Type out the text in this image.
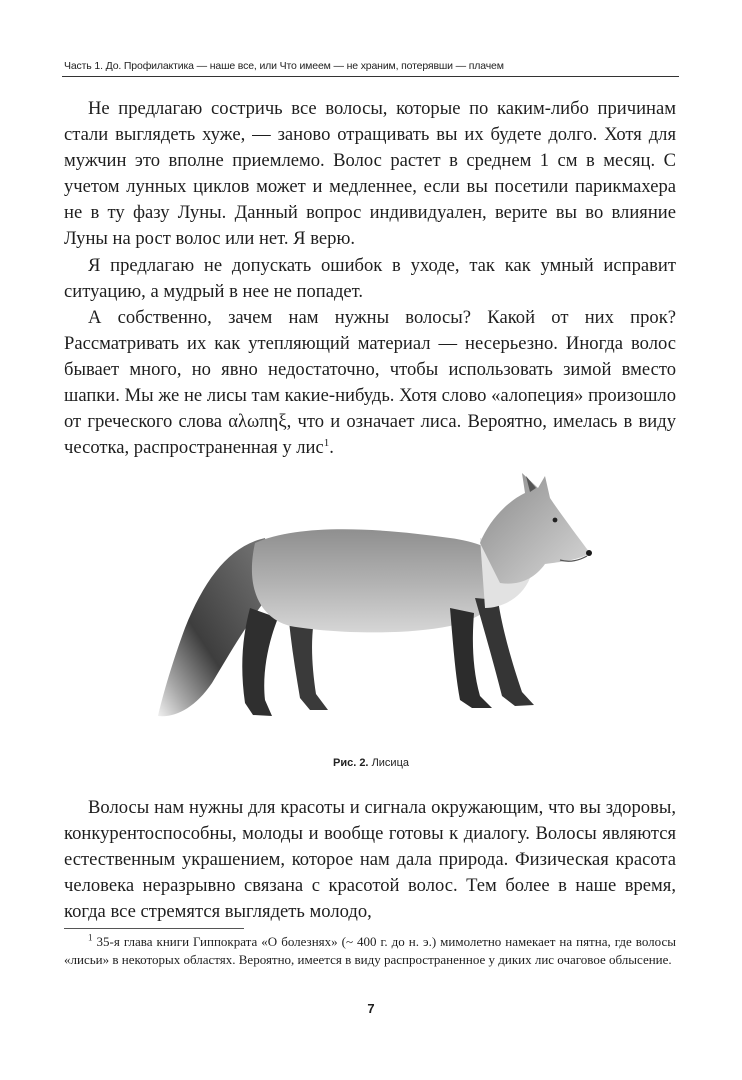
Часть 1. До. Профилактика — наше все, или Что имеем — не храним, потерявши — плачем

Не предлагаю состричь все волосы, которые по каким-либо причинам стали выглядеть хуже, — заново отращивать вы их будете долго. Хотя для мужчин это вполне приемлемо. Волос растет в среднем 1 см в месяц. С учетом лунных циклов может и медленнее, если вы посетили парикмахера не в ту фазу Луны. Данный вопрос индивидуален, верите вы во влияние Луны на рост волос или нет. Я верю.

Я предлагаю не допускать ошибок в уходе, так как умный исправит ситуацию, а мудрый в нее не попадет.

А собственно, зачем нам нужны волосы? Какой от них прок? Рассматривать их как утепляющий материал — несерьезно. Иногда волос бывает много, но явно недостаточно, чтобы использовать зимой вместо шапки. Мы же не лисы там какие-нибудь. Хотя слово «алопеция» произошло от греческого слова αλωπηξ, что и означает лиса. Вероятно, имелась в виду чесотка, распространенная у лис$^1$.

Рис. 2. Лисица

Волосы нам нужны для красоты и сигнала окружающим, что вы здоровы, конкурентоспособны, молоды и вообще готовы к диалогу. Волосы являются естественным украшением, которое нам дала природа. Физическая красота человека неразрывно связана с красотой волос. Тем более в наше время, когда все стремятся выглядеть молодо,

$^1$ 35-я глава книги Гиппократа «О болезнях» (~ 400 г. до н. э.) мимолетно намекает на пятна, где волосы «лисьи» в некоторых областях. Вероятно, имеется в виду распространенное у диких лис очаговое облысение.

7
